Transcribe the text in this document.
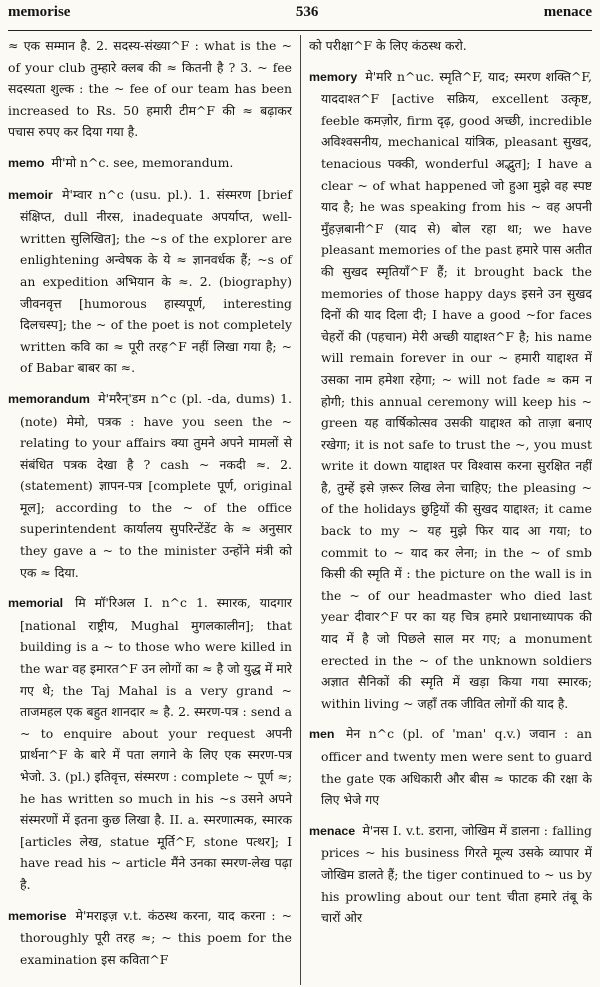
memorise	536	menace

≈ एक सम्मान है. 2. सदस्य-संख्या^F : what is the ~ of your club तुम्हारे क्लब की ≈ कितनी है ? 3. ~ fee सदस्यता शुल्क : the ~ fee of our team has been increased to Rs. 50 हमारी टीम^F की ≈ बढ़ाकर पचास रुपए कर दिया गया है.

memo मी'मो n^c. see, memorandum.

memoir मे'म्वार n^c (usu. pl.). 1. संस्मरण [brief संक्षिप्त, dull नीरस, inadequate अपर्याप्त, well-written सुलिखित]; the ~s of the explorer are enlightening अन्वेषक के ये ≈ ज्ञानवर्धक हैं; ~s of an expedition अभियान के ≈. 2. (biography) जीवनवृत्त [humorous हास्यपूर्ण, interesting दिलचस्प]; the ~ of the poet is not completely written कवि का ≈ पूरी तरह^F नहीं लिखा गया है; ~ of Babar बाबर का ≈.

memorandum मे'मरैन्'डम n^c (pl. -da, dums) 1. (note) मेमो, पत्रक : have you seen the ~ relating to your affairs क्या तुमने अपने मामलों से संबंधित पत्रक देखा है ? cash ~ नकदी ≈. 2. (statement) ज्ञापन-पत्र [complete पूर्ण, original मूल]; according to the ~ of the office superintendent कार्यालय सुपरिन्टेंडेंट के ≈ अनुसार they gave a ~ to the minister उन्होंने मंत्री को एक ≈ दिया.

memorial मि मॉ'रिअल I. n^c 1. स्मारक, यादगार [national राष्ट्रीय, Mughal मुगलकालीन]; that building is a ~ to those who were killed in the war वह इमारत^F उन लोगों का ≈ है जो युद्ध में मारे गए थे; the Taj Mahal is a very grand ~ ताजमहल एक बहुत शानदार ≈ है. 2. स्मरण-पत्र : send a ~ to enquire about your request अपनी प्रार्थना^F के बारे में पता लगाने के लिए एक स्मरण-पत्र भेजो. 3. (pl.) इतिवृत्त, संस्मरण : complete ~ पूर्ण ≈; he has written so much in his ~s उसने अपने संस्मरणों में इतना कुछ लिखा है. II. a. स्मरणात्मक, स्मारक [articles लेख, statue मूर्ति^F, stone पत्थर]; I have read his ~ article मैंने उनका स्मरण-लेख पढ़ा है.

memorise मे'मराइज़ v.t. कंठस्थ करना, याद करना : ~ thoroughly पूरी तरह ≈; ~ this poem for the examination इस कविता^F

को परीक्षा^F के लिए कंठस्थ करो.

memory मे'मरि n^uc. स्मृति^F, याद; स्मरण शक्ति^F, याददाश्त^F [active सक्रिय, excellent उत्कृष्ट, feeble कमज़ोर, firm दृढ़, good अच्छी, incredible अविश्वसनीय, mechanical यांत्रिक, pleasant सुखद, tenacious पक्की, wonderful अद्भुत]; I have a clear ~ of what happened जो हुआ मुझे वह स्पष्ट याद है; he was speaking from his ~ वह अपनी मुँहज़बानी^F (याद से) बोल रहा था; we have pleasant memories of the past हमारे पास अतीत की सुखद स्मृतियाँ^F हैं; it brought back the memories of those happy days इसने उन सुखद दिनों की याद दिला दी; I have a good ~for faces चेहरों की (पहचान) मेरी अच्छी याद्दाश्त^F है; his name will remain forever in our ~ हमारी याद्दाश्त में उसका नाम हमेशा रहेगा; ~ will not fade ≈ कम न होगी; this annual ceremony will keep his ~ green यह वार्षिकोत्सव उसकी याद्दाश्त को ताज़ा बनाए रखेगा; it is not safe to trust the ~, you must write it down याद्दाश्त पर विश्वास करना सुरक्षित नहीं है, तुम्हें इसे ज़रूर लिख लेना चाहिए; the pleasing ~ of the holidays छुट्टियों की सुखद याद्दाश्त; it came back to my ~ यह मुझे फिर याद आ गया; to commit to ~ याद कर लेना; in the ~ of smb किसी की स्मृति में : the picture on the wall is in the ~ of our headmaster who died last year दीवार^F पर का यह चित्र हमारे प्रधानाध्यापक की याद में है जो पिछले साल मर गए; a monument erected in the ~ of the unknown soldiers अज्ञात सैनिकों की स्मृति में खड़ा किया गया स्मारक; within living ~ जहाँ तक जीवित लोगों की याद है.

men मेन n^c (pl. of 'man' q.v.) जवान : an officer and twenty men were sent to guard the gate एक अधिकारी और बीस ≈ फाटक की रक्षा के लिए भेजे गए

menace मे'नस I. v.t. डराना, जोखिम में डालना : falling prices ~ his business गिरते मूल्य उसके व्यापार में जोखिम डालते हैं; the tiger continued to ~ us by his prowling about our tent चीता हमारे तंबू के चारों ओर
